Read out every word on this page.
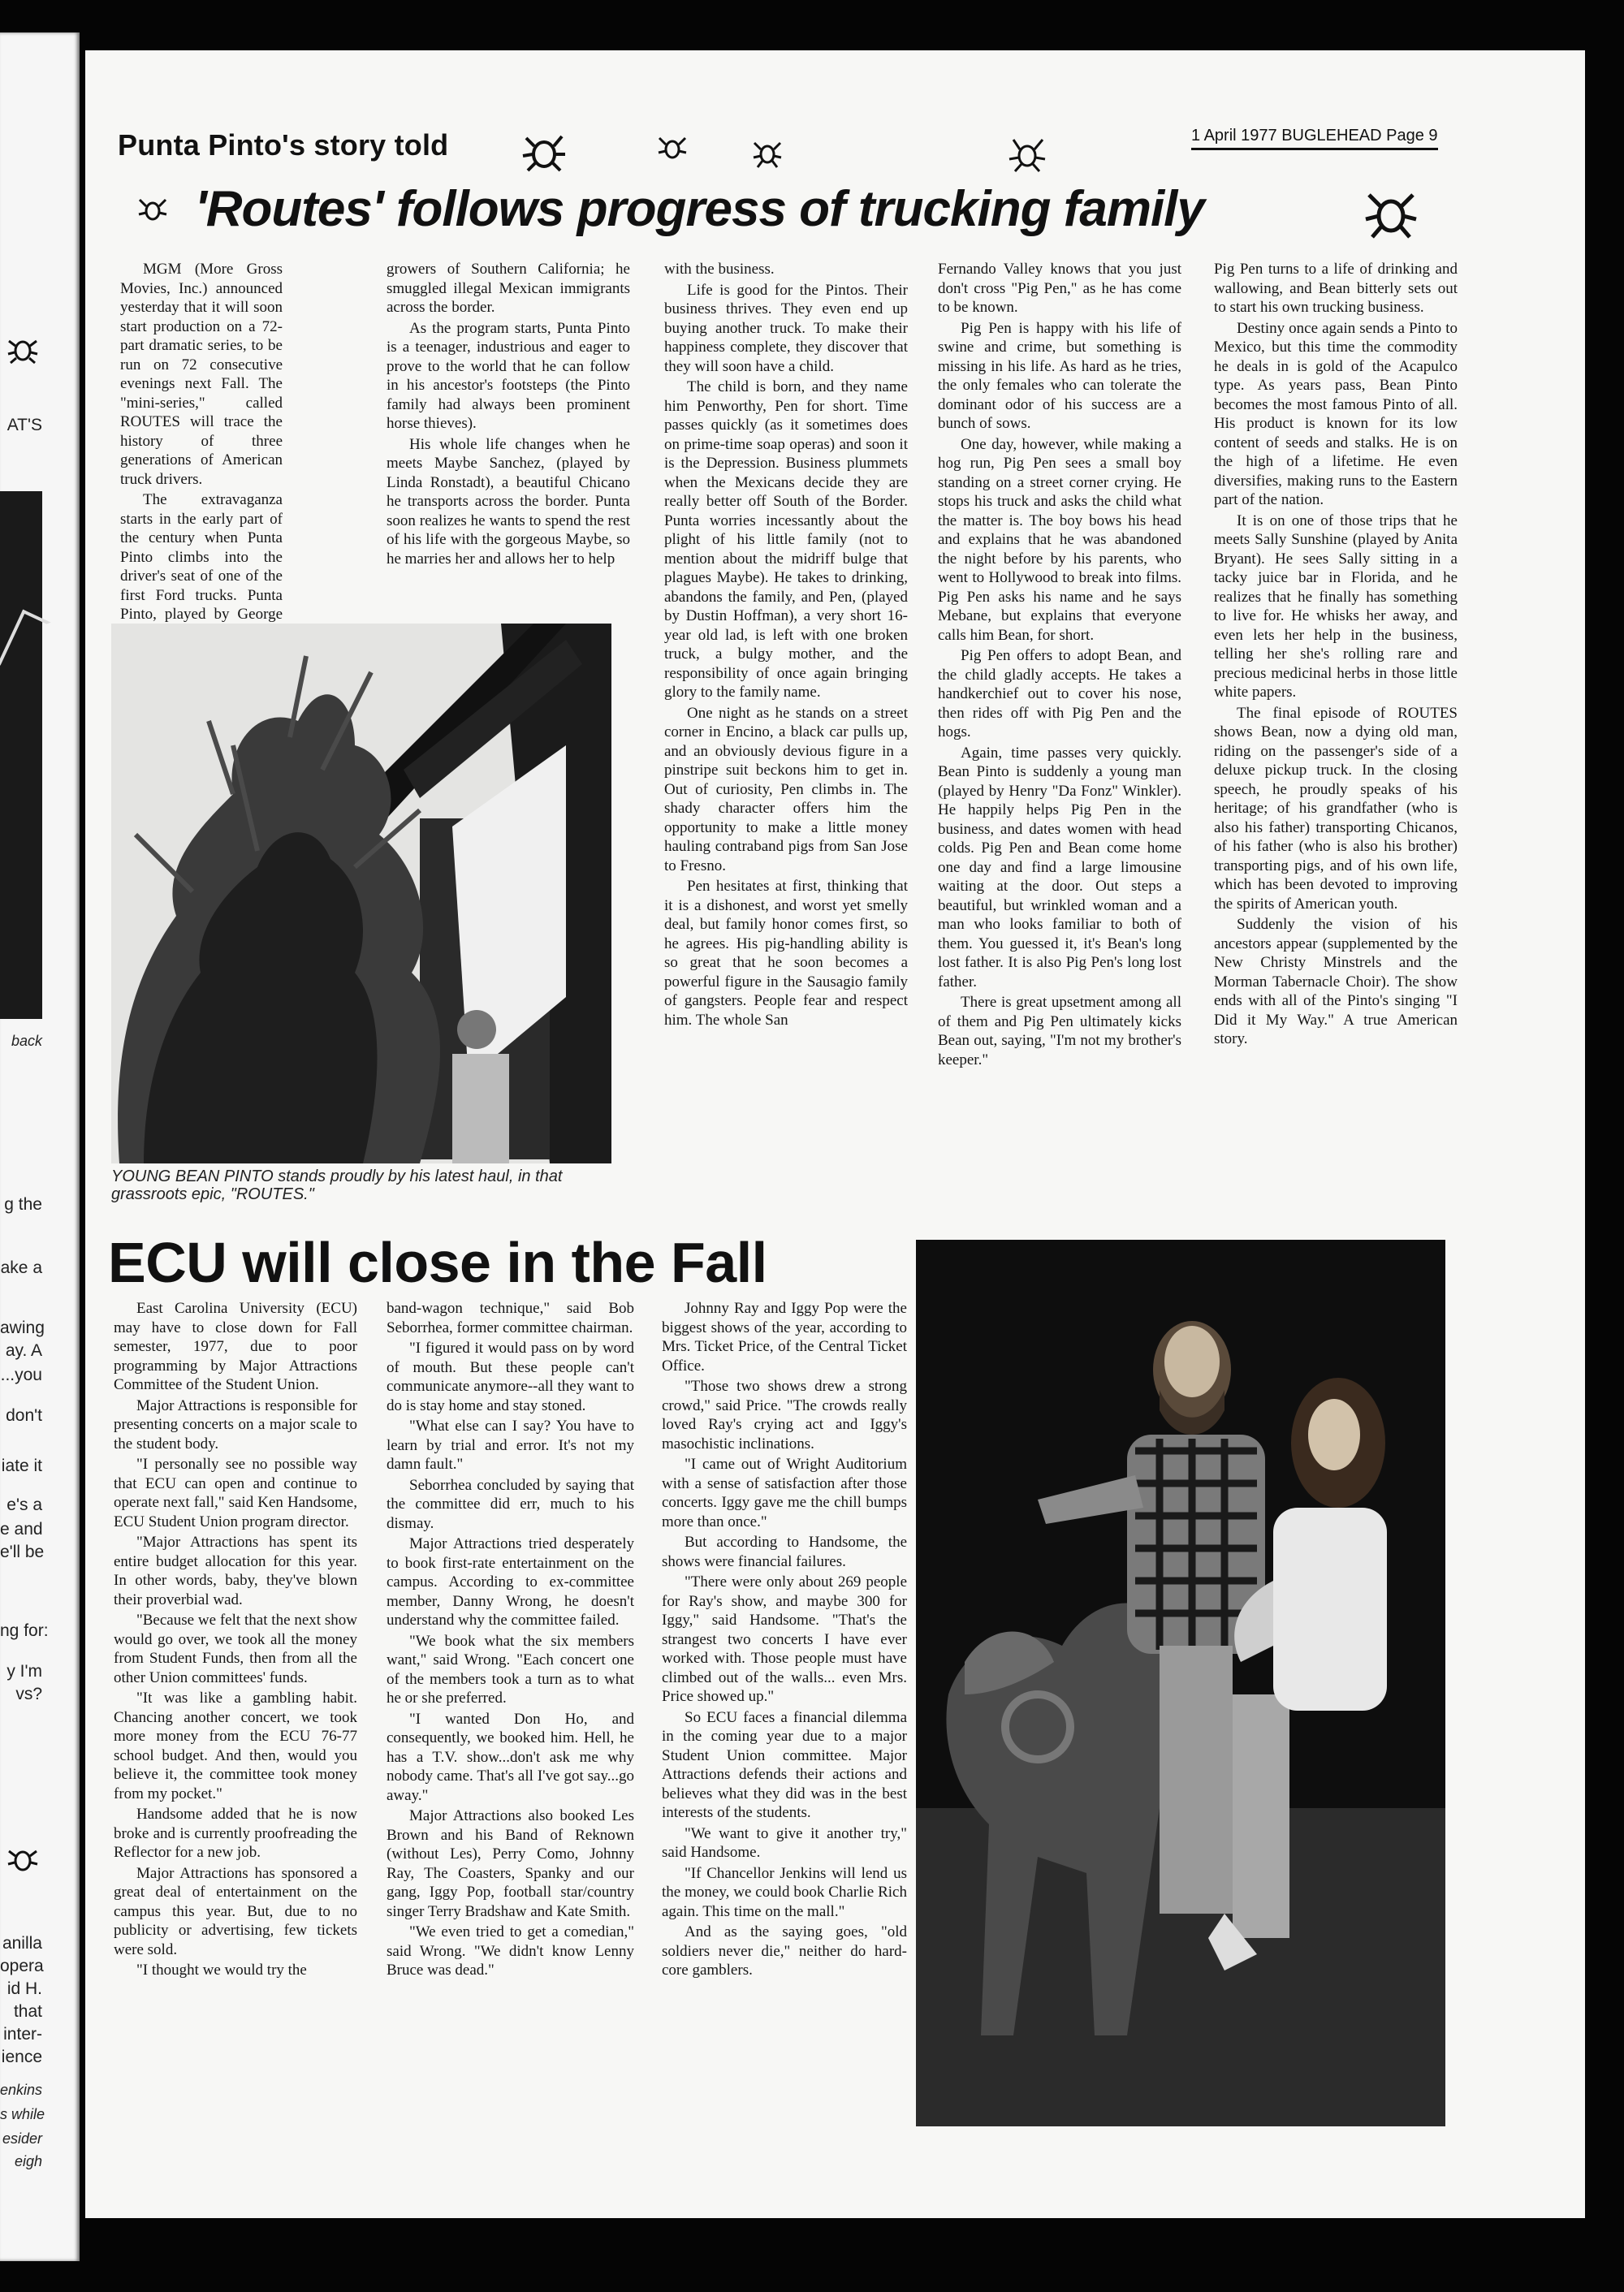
AT'S
back
g the
ake a
awing
ay. A
...you
don't
iate it
e's a
e and
e'll be
ng for:
y I'm
vs?
anilla
opera
id H.
that
inter-
ience
enkins
s while
esider
eigh
Punta Pinto's story told	1 April 1977 BUGLEHEAD Page 9
'Routes' follows progress of trucking family

MGM (More Gross Movies, Inc.) announced yesterday that it will soon start production on a 72-part dramatic series, to be run on 72 consecutive evenings next Fall. The "mini-series," called ROUTES will trace the history of three generations of American truck drivers.

The extravaganza starts in the early part of the century when Punta Pinto climbs into the driver's seat of one of the first Ford trucks. Punta Pinto, played by George

growers of Southern California; he smuggled illegal Mexican immigrants across the border.

As the program starts, Punta Pinto is a teenager, industrious and eager to prove to the world that he can follow in his ancestor's footsteps (the Pinto family had always been prominent horse thieves).

His whole life changes when he meets Maybe Sanchez, (played by Linda Ronstadt), a beautiful Chicano he transports across the border. Punta soon realizes he wants to spend the rest of his life with the gorgeous Maybe, so he marries her and allows her to help

with the business.

Life is good for the Pintos. Their business thrives. They even end up buying another truck. To make their happiness complete, they discover that they will soon have a child.

The child is born, and they name him Penworthy, Pen for short. Time passes quickly (as it sometimes does on prime-time soap operas) and soon it is the Depression. Business plummets when the Mexicans decide they are really better off South of the Border. Punta worries incessantly about the plight of his little family (not to mention about the midriff bulge that plagues Maybe). He takes to drinking, abandons the family, and Pen, (played by Dustin Hoffman), a very short 16-year old lad, is left with one broken truck, a bulgy mother, and the responsibility of once again bringing glory to the family name.

One night as he stands on a street corner in Encino, a black car pulls up, and an obviously devious figure in a pinstripe suit beckons him to get in. Out of curiosity, Pen climbs in. The shady character offers him the opportunity to make a little money hauling contraband pigs from San Jose to Fresno.

Pen hesitates at first, thinking that it is a dishonest, and worst yet smelly deal, but family honor comes first, so he agrees. His pig-handling ability is so great that he soon becomes a powerful figure in the Sausagio family of gangsters. People fear and respect him. The whole San

Fernando Valley knows that you just don't cross "Pig Pen," as he has come to be known.

Pig Pen is happy with his life of swine and crime, but something is missing in his life. As hard as he tries, the only females who can tolerate the dominant odor of his success are a bunch of sows.

One day, however, while making a hog run, Pig Pen sees a small boy standing on a street corner crying. He stops his truck and asks the child what the matter is. The boy bows his head and explains that he was abandoned the night before by his parents, who went to Hollywood to break into films. Pig Pen asks his name and he says Mebane, but explains that everyone calls him Bean, for short.

Pig Pen offers to adopt Bean, and the child gladly accepts. He takes a handkerchief out to cover his nose, then rides off with Pig Pen and the hogs.

Again, time passes very quickly. Bean Pinto is suddenly a young man (played by Henry "Da Fonz" Winkler). He happily helps Pig Pen in the business, and dates women with head colds. Pig Pen and Bean come home one day and find a large limousine waiting at the door. Out steps a beautiful, but wrinkled woman and a man who looks familiar to both of them. You guessed it, it's Bean's long lost father. It is also Pig Pen's long lost father.

There is great upsetment among all of them and Pig Pen ultimately kicks Bean out, saying, "I'm not my brother's keeper."

Pig Pen turns to a life of drinking and wallowing, and Bean bitterly sets out to start his own trucking business.

Destiny once again sends a Pinto to Mexico, but this time the commodity he deals in is gold of the Acapulco type. As years pass, Bean Pinto becomes the most famous Pinto of all. His product is known for its low content of seeds and stalks. He is on the high of a lifetime. He even diversifies, making runs to the Eastern part of the nation.

It is on one of those trips that he meets Sally Sunshine (played by Anita Bryant). He sees Sally sitting in a tacky juice bar in Florida, and he realizes that he finally has something to live for. He whisks her away, and even lets her help in the business, telling her she's rolling rare and precious medicinal herbs in those little white papers.

The final episode of ROUTES shows Bean, now a dying old man, riding on the passenger's side of a deluxe pickup truck. In the closing speech, he proudly speaks of his heritage; of his grandfather (who is also his father) transporting Chicanos, of his father (who is also his brother) transporting pigs, and of his own life, which has been devoted to improving the spirits of American youth.

Suddenly the vision of his ancestors appear (supplemented by the New Christy Minstrels and the Morman Tabernacle Choir). The show ends with all of the Pinto's singing "I Did it My Way." A true American story.

YOUNG BEAN PINTO stands proudly by his latest haul, in that grassroots epic, "ROUTES."
ECU will close in the Fall

East Carolina University (ECU) may have to close down for Fall semester, 1977, due to poor programming by Major Attractions Committee of the Student Union.

Major Attractions is responsible for presenting concerts on a major scale to the student body.

"I personally see no possible way that ECU can open and continue to operate next fall," said Ken Handsome, ECU Student Union program director.

"Major Attractions has spent its entire budget allocation for this year. In other words, baby, they've blown their proverbial wad.

"Because we felt that the next show would go over, we took all the money from Student Funds, then from all the other Union committees' funds.

"It was like a gambling habit. Chancing another concert, we took more money from the ECU 76-77 school budget. And then, would you believe it, the committee took money from my pocket."

Handsome added that he is now broke and is currently proofreading the Reflector for a new job.

Major Attractions has sponsored a great deal of entertainment on the campus this year. But, due to no publicity or advertising, few tickets were sold.

"I thought we would try the

band-wagon technique," said Bob Seborrhea, former committee chairman.

"I figured it would pass on by word of mouth. But these people can't communicate anymore--all they want to do is stay home and stay stoned.

"What else can I say? You have to learn by trial and error. It's not my damn fault."

Seborrhea concluded by saying that the committee did err, much to his dismay.

Major Attractions tried desperately to book first-rate entertainment on the campus. According to ex-committee member, Danny Wrong, he doesn't understand why the committee failed.

"We book what the six members want," said Wrong. "Each concert one of the members took a turn as to what he or she preferred.

"I wanted Don Ho, and consequently, we booked him. Hell, he has a T.V. show...don't ask me why nobody came. That's all I've got say...go away."

Major Attractions also booked Les Brown and his Band of Reknown (without Les), Perry Como, Johnny Ray, The Coasters, Spanky and our gang, Iggy Pop, football star/country singer Terry Bradshaw and Kate Smith.

"We even tried to get a comedian," said Wrong. "We didn't know Lenny Bruce was dead."

Johnny Ray and Iggy Pop were the biggest shows of the year, according to Mrs. Ticket Price, of the Central Ticket Office.

"Those two shows drew a strong crowd," said Price. "The crowds really loved Ray's crying act and Iggy's masochistic inclinations.

"I came out of Wright Auditorium with a sense of satisfaction after those concerts. Iggy gave me the chill bumps more than once."

But according to Handsome, the shows were financial failures.

"There were only about 269 people for Ray's show, and maybe 300 for Iggy," said Handsome. "That's the strangest two concerts I have ever worked with. Those people must have climbed out of the walls... even Mrs. Price showed up."

So ECU faces a financial dilemma in the coming year due to a major Student Union committee. Major Attractions defends their actions and believes what they did was in the best interests of the students.

"We want to give it another try," said Handsome.

"If Chancellor Jenkins will lend us the money, we could book Charlie Rich again. This time on the mall."

And as the saying goes, "old soldiers never die," neither do hard-core gamblers.
